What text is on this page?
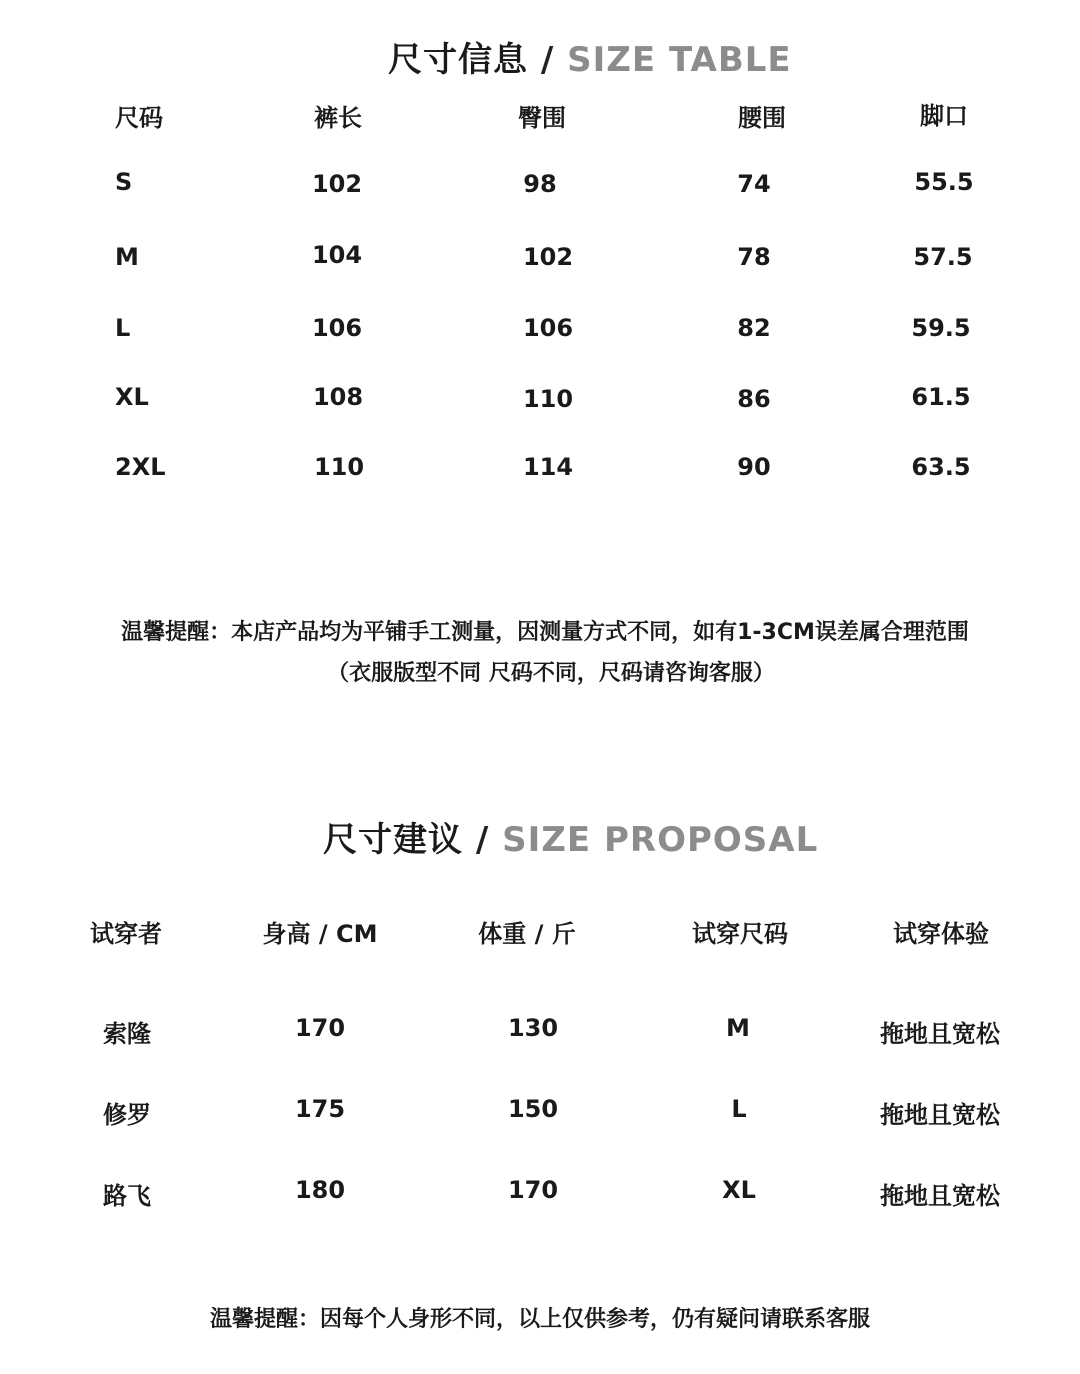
尺寸信息 / SIZE TABLE
尺码	裤长	臀围	腰围	脚口
S	102	98	74	55.5
M	104	102	78	57.5
L	106	106	82	59.5
XL	108	110	86	61.5
2XL	110	114	90	63.5
温馨提醒：本店产品均为平铺手工测量，因测量方式不同，如有1-3CM误差属合理范围
（衣服版型不同 尺码不同，尺码请咨询客服）
尺寸建议 / SIZE PROPOSAL
试穿者	身高 / CM	体重 / 斤	试穿尺码	试穿体验
索隆	170	130	M	拖地且宽松
修罗	175	150	L	拖地且宽松
路飞	180	170	XL	拖地且宽松
温馨提醒：因每个人身形不同，以上仅供参考，仍有疑问请联系客服
